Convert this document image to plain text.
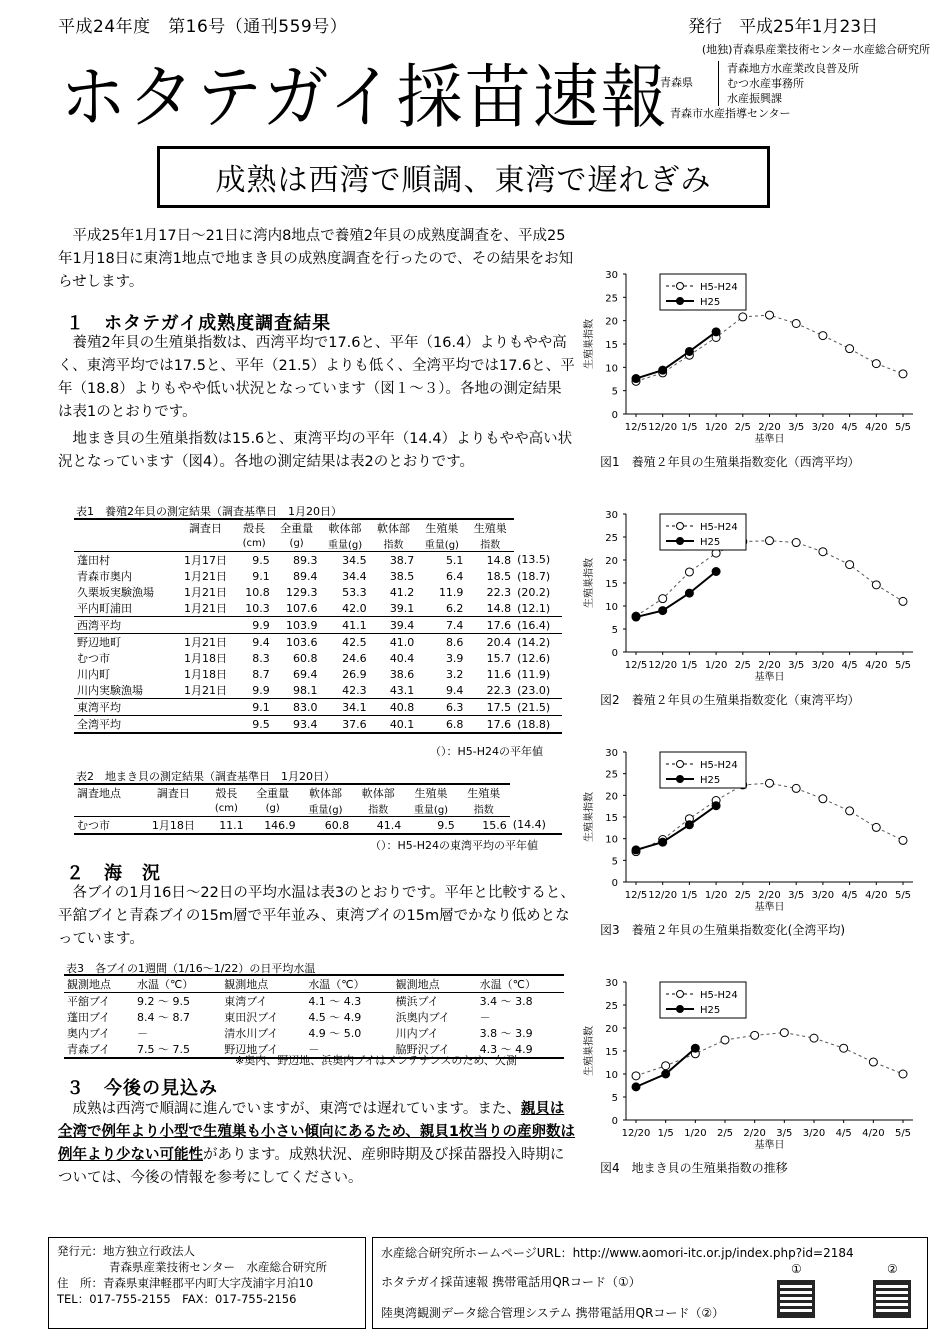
平成24年度　第16号（通刊559号）	発行　平成25年1月23日
ホタテガイ採苗速報
(地独)青森県産業技術センター水産総合研究所
青森県
青森地方水産業改良普及所
むつ水産事務所
水産振興課
青森市水産指導センター
成熟は西湾で順調、東湾で遅れぎみ
　平成25年1月17日～21日に湾内8地点で養殖2年貝の成熟度調査を、平成25年1月18日に東湾1地点で地まき貝の成熟度調査を行ったので、その結果をお知らせします。
１　ホタテガイ成熟度調査結果
　養殖2年貝の生殖巣指数は、西湾平均で17.6と、平年（16.4）よりもやや高く、東湾平均では17.5と、平年（21.5）よりも低く、全湾平均では17.6と、平年（18.8）よりもやや低い状況となっています（図１～３）。各地の測定結果は表1のとおりです。
　地まき貝の生殖巣指数は15.6と、東湾平均の平年（14.4）よりもやや高い状況となっています（図4）。各地の測定結果は表2のとおりです。
表1　養殖2年貝の測定結果（調査基準日　1月20日）
	調査日	殻長	全重量	軟体部	軟体部	生殖巣	生殖巣	
		(cm)	(g)	重量(g)	指数	重量(g)	指数	
蓬田村	1月17日	9.5	89.3	34.5	38.7	5.1	14.8	(13.5)
青森市奥内	1月21日	9.1	89.4	34.4	38.5	6.4	18.5	(18.7)
久栗坂実験漁場	1月21日	10.8	129.3	53.3	41.2	11.9	22.3	(20.2)
平内町浦田	1月21日	10.3	107.6	42.0	39.1	6.2	14.8	(12.1)
西湾平均		9.9	103.9	41.1	39.4	7.4	17.6	(16.4)
野辺地町	1月21日	9.4	103.6	42.5	41.0	8.6	20.4	(14.2)
むつ市	1月18日	8.3	60.8	24.6	40.4	3.9	15.7	(12.6)
川内町	1月18日	8.7	69.4	26.9	38.6	3.2	11.6	(11.9)
川内実験漁場	1月21日	9.9	98.1	42.3	43.1	9.4	22.3	(23.0)
東湾平均		9.1	83.0	34.1	40.8	6.3	17.5	(21.5)
全湾平均		9.5	93.4	37.6	40.1	6.8	17.6	(18.8)
（）：H5-H24の平年値
表2　地まき貝の測定結果（調査基準日　1月20日）
調査地点	調査日	殻長	全重量	軟体部	軟体部	生殖巣	生殖巣	
		(cm)	(g)	重量(g)	指数	重量(g)	指数	
むつ市	1月18日	11.1	146.9	60.8	41.4	9.5	15.6	(14.4)
（）：H5-H24の東湾平均の平年値
２　海　況
　各ブイの1月16日～22日の平均水温は表3のとおりです。平年と比較すると、平舘ブイと青森ブイの15m層で平年並み、東湾ブイの15m層でかなり低めとなっています。
表3　各ブイの1週間（1/16～1/22）の日平均水温
観測地点	水温（℃）	観測地点	水温（℃）	観測地点	水温（℃）
平舘ブイ	9.2 ～ 9.5	東湾ブイ	4.1 ～ 4.3	横浜ブイ	3.4 ～ 3.8
蓬田ブイ	8.4 ～ 8.7	東田沢ブイ	4.5 ～ 4.9	浜奥内ブイ	－
奥内ブイ	－	清水川ブイ	4.9 ～ 5.0	川内ブイ	3.8 ～ 3.9
青森ブイ	7.5 ～ 7.5	野辺地ブイ	－	脇野沢ブイ	4.3 ～ 4.9
※奥内、野辺地、浜奥内ブイはメンテナンスのため、欠測
３　今後の見込み
　成熟は西湾で順調に進んでいますが、東湾では遅れています。また、親貝は全湾で例年より小型で生殖巣も小さい傾向にあるため、親貝1枚当りの産卵数は例年より少ない可能性があります。成熟状況、産卵時期及び採苗器投入時期については、今後の情報を参考にしてください。
0
5
10
15
20
25
30
12/5 12/20 1/5 1/20 2/5 2/20 3/5 3/20 4/5 4/20 5/5
基準日
生殖巣指数
H5-H24
H25
図1　養殖２年貝の生殖巣指数変化（西湾平均）
0
5
10
15
20
25
30
12/5 12/20 1/5 1/20 2/5 2/20 3/5 3/20 4/5 4/20 5/5
基準日
生殖巣指数
H5-H24
H25
図2　養殖２年貝の生殖巣指数変化（東湾平均）
0
5
10
15
20
25
30
12/5 12/20 1/5 1/20 2/5 2/20 3/5 3/20 4/5 4/20 5/5
基準日
生殖巣指数
H5-H24
H25
図3　養殖２年貝の生殖巣指数変化(全湾平均)
0
5
10
15
20
25
30
12/20 1/5 1/20 2/5 2/20 3/5 3/20 4/5 4/20 5/5
基準日
生殖巣指数
H5-H24
H25
図4　地まき貝の生殖巣指数の推移
発行元：地方独立行政法人
青森県産業技術センター　水産総合研究所
住　所：青森県東津軽郡平内町大字茂浦字月泊10
TEL：017-755-2155　FAX：017-755-2156
水産総合研究所ホームページURL：http://www.aomori-itc.or.jp/index.php?id=2184
ホタテガイ採苗速報 携帯電話用QRコード（①）
陸奥湾観測データ総合管理システム 携帯電話用QRコード（②）
①	②
